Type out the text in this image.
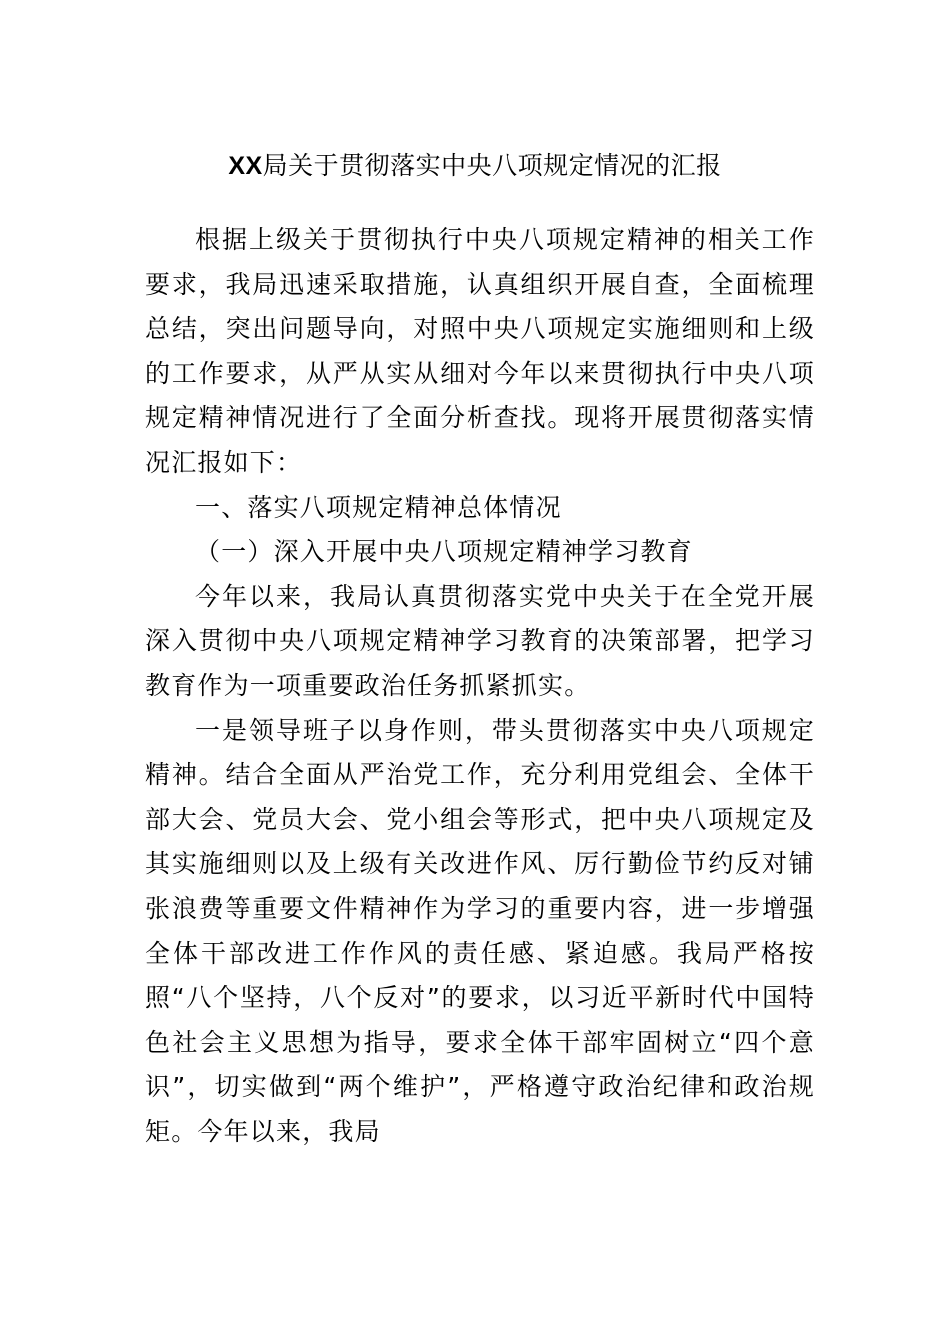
XX局关于贯彻落实中央八项规定情况的汇报

根据上级关于贯彻执行中央八项规定精神的相关工作要求，我局迅速采取措施，认真组织开展自查，全面梳理总结，突出问题导向，对照中央八项规定实施细则和上级的工作要求，从严从实从细对今年以来贯彻执行中央八项规定精神情况进行了全面分析查找。现将开展贯彻落实情况汇报如下：

一、落实八项规定精神总体情况

（一）深入开展中央八项规定精神学习教育

今年以来，我局认真贯彻落实党中央关于在全党开展深入贯彻中央八项规定精神学习教育的决策部署，把学习教育作为一项重要政治任务抓紧抓实。

一是领导班子以身作则，带头贯彻落实中央八项规定精神。结合全面从严治党工作，充分利用党组会、全体干部大会、党员大会、党小组会等形式，把中央八项规定及其实施细则以及上级有关改进作风、厉行勤俭节约反对铺张浪费等重要文件精神作为学习的重要内容，进一步增强全体干部改进工作作风的责任感、紧迫感。我局严格按照“八个坚持，八个反对”的要求，以习近平新时代中国特色社会主义思想为指导，要求全体干部牢固树立“四个意识”，切实做到“两个维护”，严格遵守政治纪律和政治规矩。今年以来，我局
